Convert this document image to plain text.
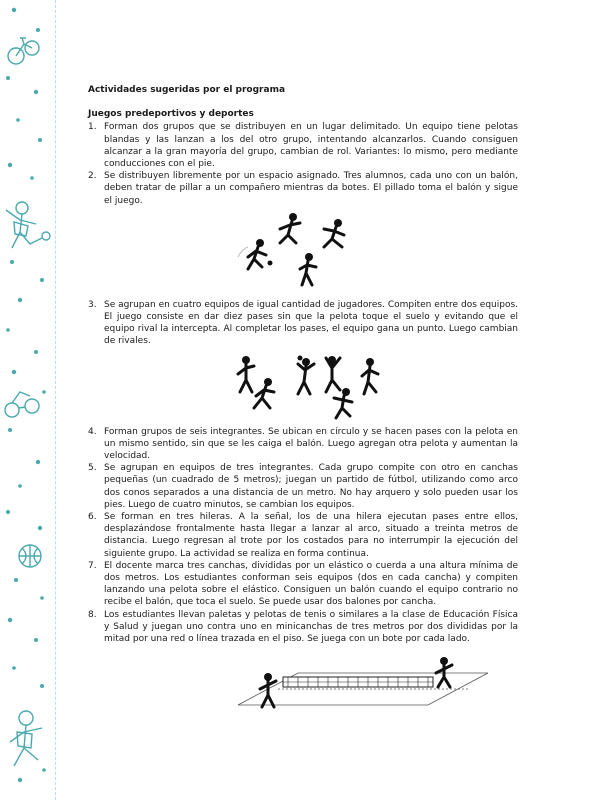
Actividades sugeridas por el programa

Juegos predeportivos y deportes

1. Forman dos grupos que se distribuyen en un lugar delimitado. Un equipo tiene pelotas blandas y las lanzan a los del otro grupo, intentando alcanzarlos. Cuando consiguen alcanzar a la gran mayoría del grupo, cambian de rol. Variantes: lo mismo, pero mediante conducciones con el pie.
2. Se distribuyen libremente por un espacio asignado. Tres alumnos, cada uno con un balón, deben tratar de pillar a un compañero mientras da botes. El pillado toma el balón y sigue el juego.
3. Se agrupan en cuatro equipos de igual cantidad de jugadores. Compiten entre dos equipos. El juego consiste en dar diez pases sin que la pelota toque el suelo y evitando que el equipo rival la intercepta. Al completar los pases, el equipo gana un punto. Luego cambian de rivales.
4. Forman grupos de seis integrantes. Se ubican en círculo y se hacen pases con la pelota en un mismo sentido, sin que se les caiga el balón. Luego agregan otra pelota y aumentan la velocidad.
5. Se agrupan en equipos de tres integrantes. Cada grupo compite con otro en canchas pequeñas (un cuadrado de 5 metros); juegan un partido de fútbol, utilizando como arco dos conos separados a una distancia de un metro. No hay arquero y solo pueden usar los pies. Luego de cuatro minutos, se cambian los equipos.
6. Se forman en tres hileras. A la señal, los de una hilera ejecutan pases entre ellos, desplazándose frontalmente hasta llegar a lanzar al arco, situado a treinta metros de distancia. Luego regresan al trote por los costados para no interrumpir la ejecución del siguiente grupo. La actividad se realiza en forma continua.
7. El docente marca tres canchas, divididas por un elástico o cuerda a una altura mínima de dos metros. Los estudiantes conforman seis equipos (dos en cada cancha) y compiten lanzando una pelota sobre el elástico. Consiguen un balón cuando el equipo contrario no recibe el balón, que toca el suelo. Se puede usar dos balones por cancha.
8. Los estudiantes llevan paletas y pelotas de tenis o similares a la clase de Educación Física y Salud y juegan uno contra uno en minicanchas de tres metros por dos divididas por la mitad por una red o línea trazada en el piso. Se juega con un bote por cada lado.
